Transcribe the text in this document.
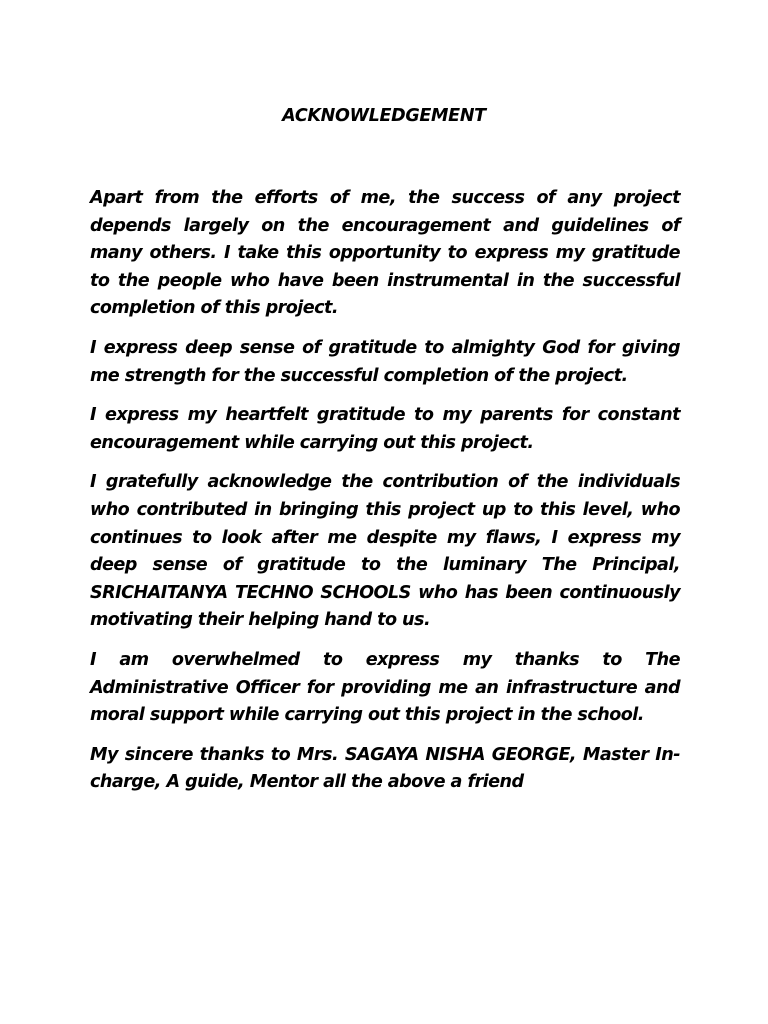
ACKNOWLEDGEMENT

Apart from the efforts of me, the success of any project depends largely on the encouragement and guidelines of many others. I take this opportunity to express my gratitude to the people who have been instrumental in the successful completion of this project.

I express deep sense of gratitude to almighty God for giving me strength for the successful completion of the project.

I express my heartfelt gratitude to my parents for constant encouragement while carrying out this project.

I gratefully acknowledge the contribution of the individuals who contributed in bringing this project up to this level, who continues to look after me despite my flaws, I express my deep sense of gratitude to the luminary The Principal, SRICHAITANYA TECHNO SCHOOLS who has been continuously motivating their helping hand to us.

I am overwhelmed to express my thanks to The Administrative Officer for providing me an infrastructure and moral support while carrying out this project in the school.

My sincere thanks to Mrs. SAGAYA NISHA GEORGE, Master In-charge, A guide, Mentor all the above a friend
